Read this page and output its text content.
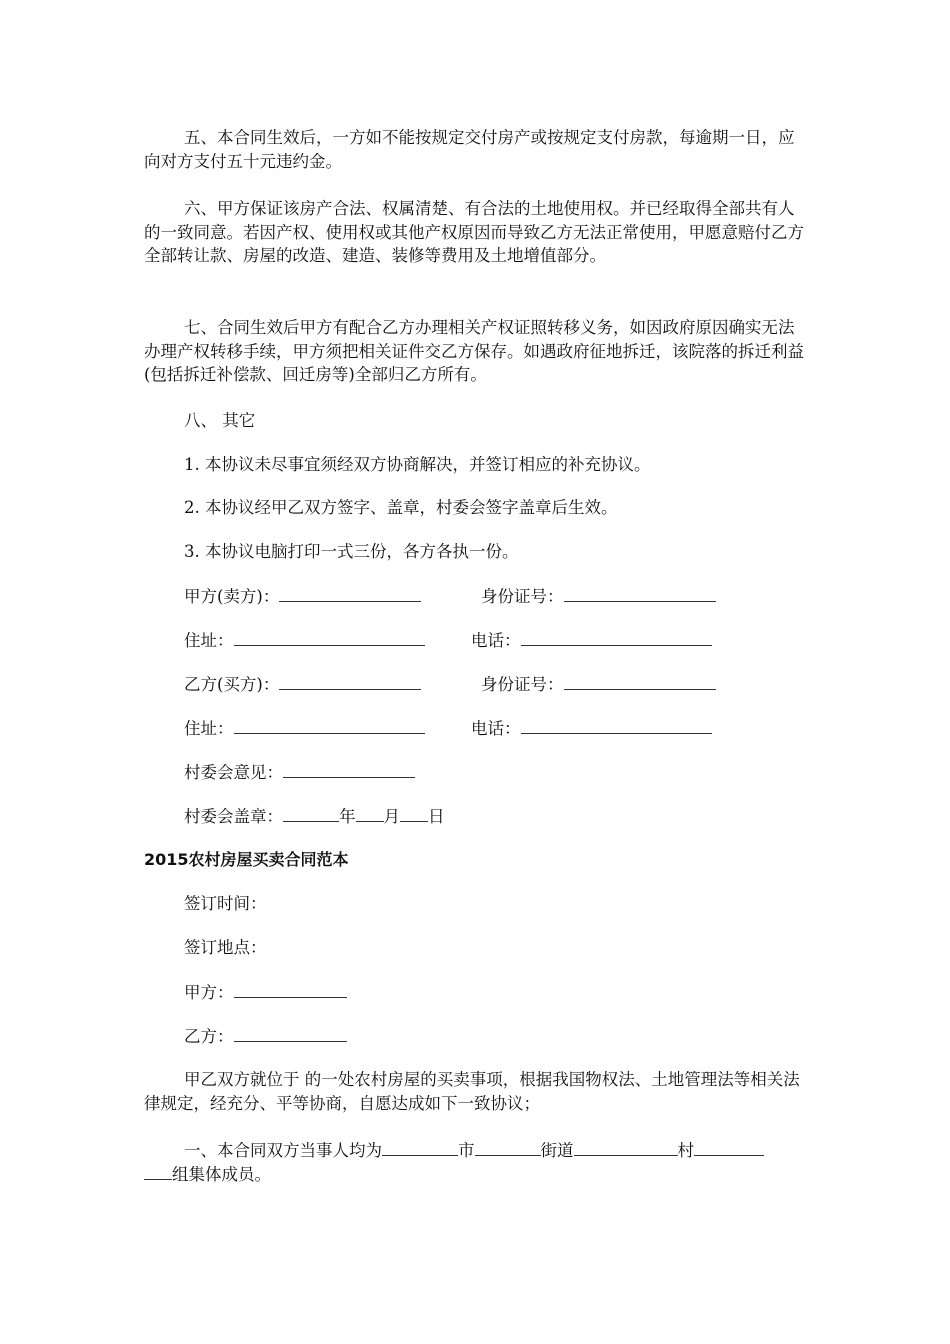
五、本合同生效后，一方如不能按规定交付房产或按规定支付房款，每逾期一日，应向对方支付五十元违约金。

六、甲方保证该房产合法、权属清楚、有合法的土地使用权。并已经取得全部共有人的一致同意。若因产权、使用权或其他产权原因而导致乙方无法正常使用，甲愿意赔付乙方全部转让款、房屋的改造、建造、装修等费用及土地增值部分。

七、合同生效后甲方有配合乙方办理相关产权证照转移义务，如因政府原因确实无法办理产权转移手续，甲方须把相关证件交乙方保存。如遇政府征地拆迁，该院落的拆迁利益(包括拆迁补偿款、回迁房等)全部归乙方所有。

八、 其它

1. 本协议未尽事宜须经双方协商解决，并签订相应的补充协议。

2. 本协议经甲乙双方签字、盖章，村委会签字盖章后生效。

3. 本协议电脑打印一式三份，各方各执一份。

甲方(卖方)：	身份证号：
住址：	电话：
乙方(买方)：	身份证号：
住址：	电话：
村委会意见：
村委会盖章：	年 月 日
2015农村房屋买卖合同范本
签订时间：
签订地点：
甲方：
乙方：

甲乙双方就位于 的一处农村房屋的买卖事项，根据我国物权法、土地管理法等相关法律规定，经充分、平等协商，自愿达成如下一致协议；

一、本合同双方当事人均为	市	街道	村
组集体成员。
